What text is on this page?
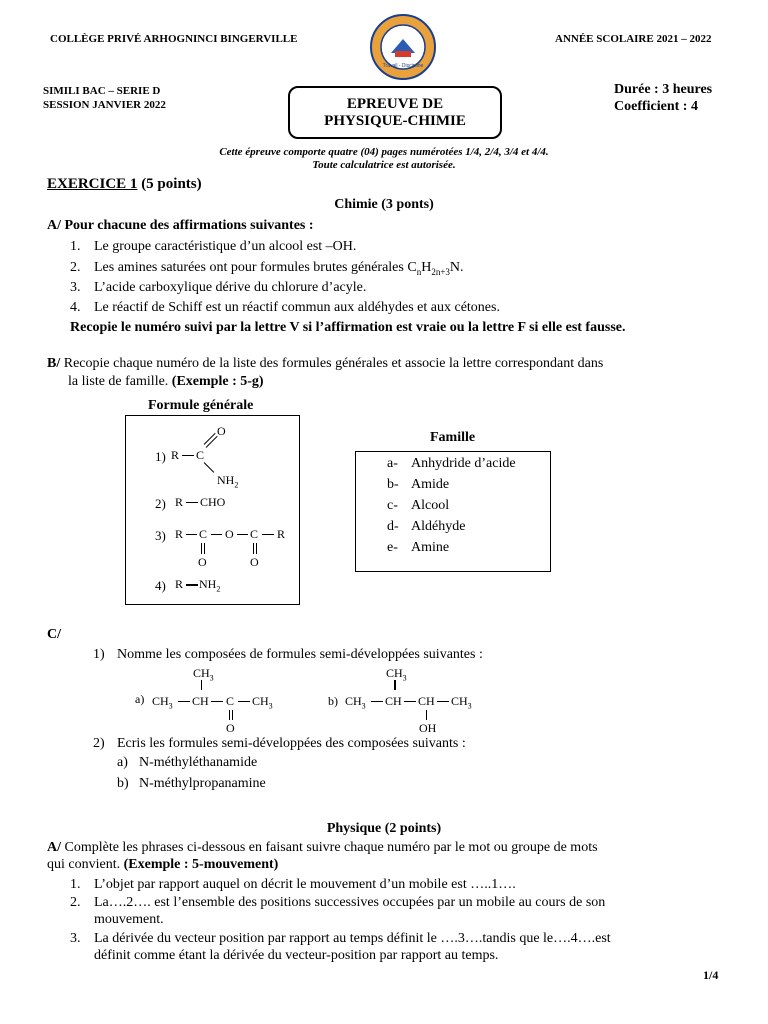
COLLÈGE PRIVÉ ARHOGNINCI BINGERVILLE	ANNÉE SCOLAIRE 2021 – 2022
Travail - Discipline
SIMILI BAC – SERIE D
SESSION JANVIER 2022	EPREUVE DE
PHYSIQUE-CHIMIE
Durée : 3 heures
Coefficient : 4
Cette épreuve comporte quatre (04) pages numérotées 1/4, 2/4, 3/4 et 4/4.
Toute calculatrice est autorisée.
EXERCICE 1 (5 points)
Chimie (3 ponts)
A/ Pour chacune des affirmations suivantes :
1. Le groupe caractéristique d’un alcool est –OH.
2. Les amines saturées ont pour formules brutes générales $C_nH_{2n+3}N$.
3. L’acide carboxylique dérive du chlorure d’acyle.
4. Le réactif de Schiff est un réactif commun aux aldéhydes et aux cétones.
Recopie le numéro suivi par la lettre V si l’affirmation est vraie ou la lettre F si elle est fausse.
B/ Recopie chaque numéro de la liste des formules générales et associe la lettre correspondant dans
la liste de famille. (Exemple : 5-g)
Formule générale
1) R C
O
$NH_2$
2) R CHO
3) R C O C R
O	O
4) R $NH_2$
Famille
a- Anhydride d’acide
b- Amide
c- Alcool
d- Aldéhyde
e- Amine
C/
1) Nomme les composées de formules semi-développées suivantes :
$CH_3$
a) $CH_3$ CH C $CH_3$
O
$CH_3$
b) $CH_3$ CH CH $CH_3$
OH
2) Ecris les formules semi-développées des composées suivants :
a) N-méthyléthanamide
b) N-méthylpropanamine
Physique (2 points)
A/ Complète les phrases ci-dessous en faisant suivre chaque numéro par le mot ou groupe de mots
qui convient. (Exemple : 5-mouvement)
1. L’objet par rapport auquel on décrit le mouvement d’un mobile est …..1….
2. La….2…. est l’ensemble des positions successives occupées par un mobile au cours de son
mouvement.
3. La dérivée du vecteur position par rapport au temps définit le ….3….tandis que le….4….est
définit comme étant la dérivée du vecteur-position par rapport au temps.
1/4
